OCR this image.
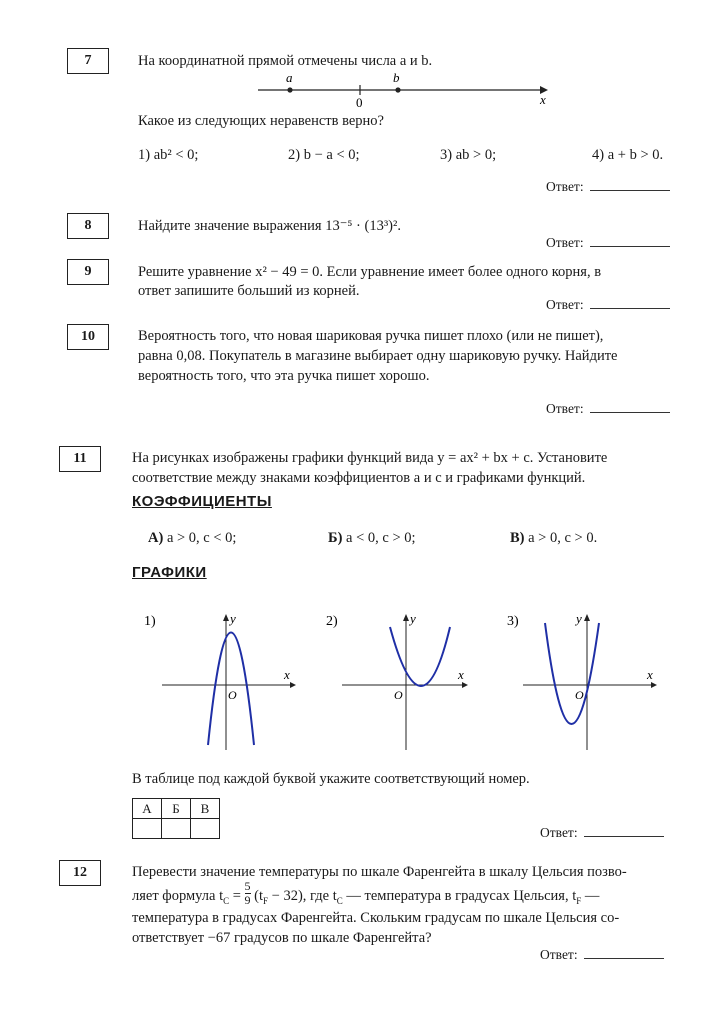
7	На координатной прямой отмечены числа a и b.
a	b
0	x
Какое из следующих неравенств верно?
1) ab² < 0;	2) b − a < 0;	3) ab > 0;	4) a + b > 0.
Ответ:
8	Найдите значение выражения 13⁻⁵ · (13³)².
Ответ:
9	Решите уравнение x² − 49 = 0. Если уравнение имеет более одного корня, в
ответ запишите больший из корней.
Ответ:
10	Вероятность того, что новая шариковая ручка пишет плохо (или не пишет),
равна 0,08. Покупатель в магазине выбирает одну шариковую ручку. Найдите
вероятность того, что эта ручка пишет хорошо.
Ответ:
11	На рисунках изображены графики функций вида y = ax² + bx + c. Установите
соответствие между знаками коэффициентов a и c и графиками функций.
КОЭФФИЦИЕНТЫ
А) a > 0, c < 0;	Б) a < 0, c > 0;	В) a > 0, c > 0.
ГРАФИКИ
1)
x
y
O
2)
x
y
O
3)
x
y
O
В таблице под каждой буквой укажите соответствующий номер.
А	Б	В

Ответ:
12	Перевести значение температуры по шкале Фаренгейта в шкалу Цельсия позво-
ляет формула $t_C = \frac{5}{9} (t_F - 32)$, где $t_C$ — температура в градусах Цельсия, $t_F$ —
температура в градусах Фаренгейта. Скольким градусам по шкале Цельсия со-
ответствует −67 градусов по шкале Фаренгейта?
Ответ:
